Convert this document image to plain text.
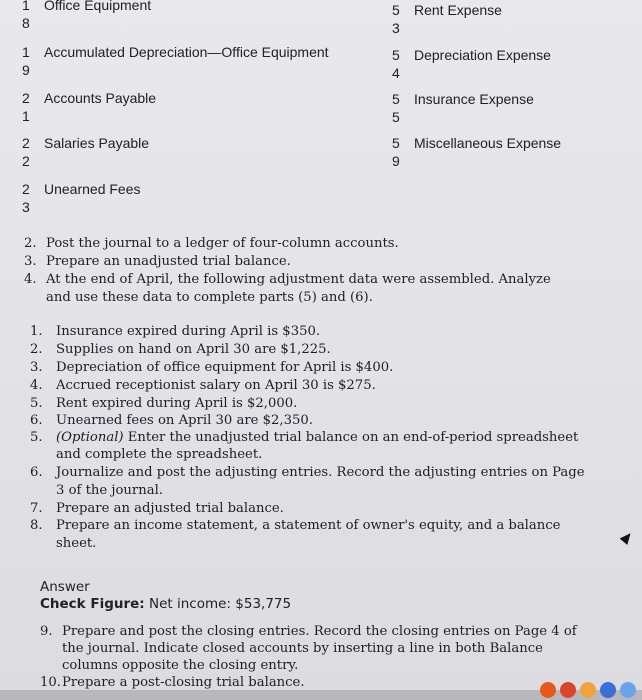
1
8
Office Equipment
1
9
Accumulated Depreciation—Office Equipment
2
1
Accounts Payable
2
2
Salaries Payable
2
3
Unearned Fees
5
3
Rent Expense
5
4
Depreciation Expense
5
5
Insurance Expense
5
9
Miscellaneous Expense
2. Post the journal to a ledger of four-column accounts.
3. Prepare an unadjusted trial balance.
4. At the end of April, the following adjustment data were assembled. Analyze
and use these data to complete parts (5) and (6).
1. Insurance expired during April is $350.
2. Supplies on hand on April 30 are $1,225.
3. Depreciation of office equipment for April is $400.
4. Accrued receptionist salary on April 30 is $275.
5. Rent expired during April is $2,000.
6. Unearned fees on April 30 are $2,350.
5. (Optional) Enter the unadjusted trial balance on an end-of-period spreadsheet
and complete the spreadsheet.
6. Journalize and post the adjusting entries. Record the adjusting entries on Page
3 of the journal.
7. Prepare an adjusted trial balance.
8. Prepare an income statement, a statement of owner's equity, and a balance
sheet.
Answer
Check Figure: Net income: $53,775
9. Prepare and post the closing entries. Record the closing entries on Page 4 of
the journal. Indicate closed accounts by inserting a line in both Balance
columns opposite the closing entry.
10.Prepare a post-closing trial balance.
